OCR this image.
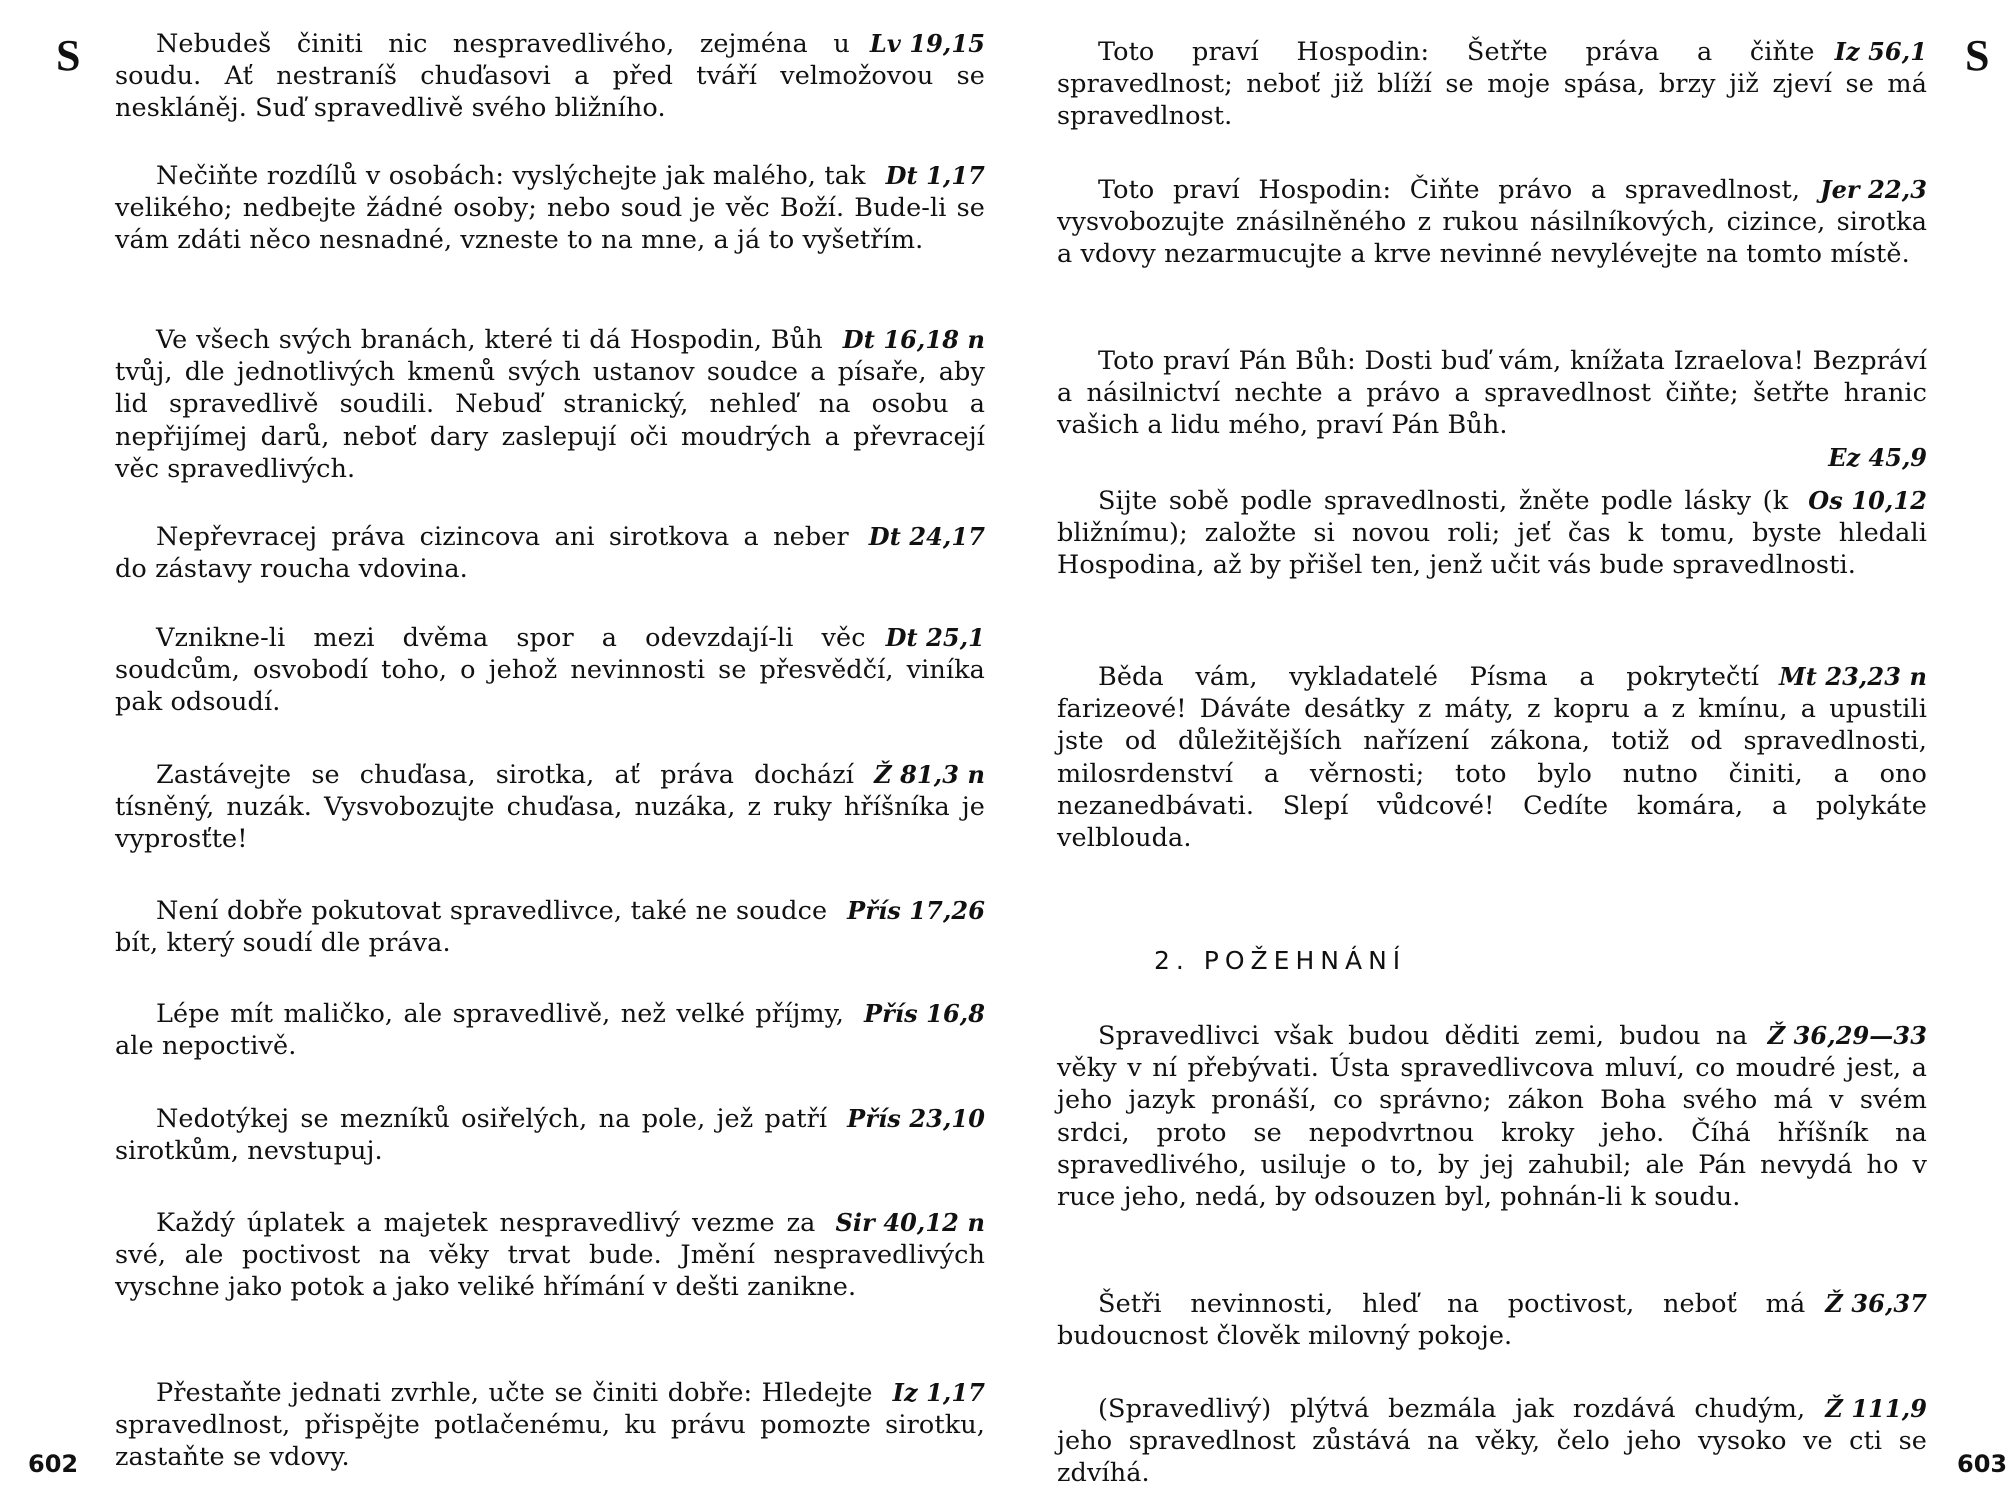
S
602
Lv 19,15
Nebudeš činiti nic nespravedlivého, zejména u soudu. Ať nestraníš chuďasovi a před tváří velmožovou se neskláněj. Suď spravedlivě svého bližního.
Dt 1,17
Nečiňte rozdílů v osobách: vyslýchejte jak malého, tak velikého; nedbejte žádné osoby; nebo soud je věc Boží. Bude-li se vám zdáti něco nesnadné, vzneste to na mne, a já to vyšetřím.
Dt 16,18 n
Ve všech svých branách, které ti dá Hospodin, Bůh tvůj, dle jednotlivých kmenů svých ustanov soudce a písaře, aby lid spravedlivě soudili. Nebuď stranický, nehleď na osobu a nepřijímej darů, neboť dary zaslepují oči moudrých a převracejí věc spravedlivých.
Dt 24,17
Nepřevracej práva cizincova ani sirotkova a neber do zástavy roucha vdovina.
Dt 25,1
Vznikne-li mezi dvěma spor a odevzdají-li věc soudcům, osvobodí toho, o jehož nevinnosti se přesvědčí, viníka pak odsoudí.
Ž 81,3 n
Zastávejte se chuďasa, sirotka, ať práva dochází tísněný, nuzák. Vysvobozujte chuďasa, nuzáka, z ruky hříšníka je vyprosťte!
Přís 17,26
Není dobře pokutovat spravedlivce, také ne soudce bít, který soudí dle práva.
Přís 16,8
Lépe mít maličko, ale spravedlivě, než velké příjmy, ale nepoctivě.
Přís 23,10
Nedotýkej se mezníků osiřelých, na pole, jež patří sirotkům, nevstupuj.
Sir 40,12 n
Každý úplatek a majetek nespravedlivý vezme za své, ale poctivost na věky trvat bude. Jmění nespravedlivých vyschne jako potok a jako veliké hřímání v dešti zanikne.
Iz 1,17
Přestaňte jednati zvrhle, učte se činiti dobře: Hledejte spravedlnost, přispějte potlačenému, ku právu pomozte sirotku, zastaňte se vdovy.
S
603
Iz 56,1
Toto praví Hospodin: Šetřte práva a čiňte spravedlnost; neboť již blíží se moje spása, brzy již zjeví se má spravedlnost.
Jer 22,3
Toto praví Hospodin: Čiňte právo a spravedlnost, vysvobozujte znásilněného z rukou násilníkových, cizince, sirotka a vdovy nezarmucujte a krve nevinné nevylévejte na tomto místě.
Toto praví Pán Bůh: Dosti buď vám, knížata Izraelova! Bezpráví a násilnictví nechte a právo a spravedlnost čiňte; šetřte hranic vašich a lidu mého, praví Pán Bůh.
Ez 45,9
Os 10,12
Sijte sobě podle spravedlnosti, žněte podle lásky (k bližnímu); založte si novou roli; jeť čas k tomu, byste hledali Hospodina, až by přišel ten, jenž učit vás bude spravedlnosti.
Mt 23,23 n
Běda vám, vykladatelé Písma a pokrytečtí farizeové! Dáváte desátky z máty, z kopru a z kmínu, a upustili jste od důležitějších nařízení zákona, totiž od spravedlnosti, milosrdenství a věrnosti; toto bylo nutno činiti, a ono nezanedbávati. Slepí vůdcové! Cedíte komára, a polykáte velblouda.
2. POŽEHNÁNÍ
Ž 36,29—33
Spravedlivci však budou děditi zemi, budou na věky v ní přebývati. Ústa spravedlivcova mluví, co moudré jest, a jeho jazyk pronáší, co správno; zákon Boha svého má v svém srdci, proto se nepodvrtnou kroky jeho. Číhá hříšník na spravedlivého, usiluje o to, by jej zahubil; ale Pán nevydá ho v ruce jeho, nedá, by odsouzen byl, pohnán-li k soudu.
Ž 36,37
Šetři nevinnosti, hleď na poctivost, neboť má budoucnost člověk milovný pokoje.
Ž 111,9
(Spravedlivý) plýtvá bezmála jak rozdává chudým, jeho spravedlnost zůstává na věky, čelo jeho vysoko ve cti se zdvíhá.
